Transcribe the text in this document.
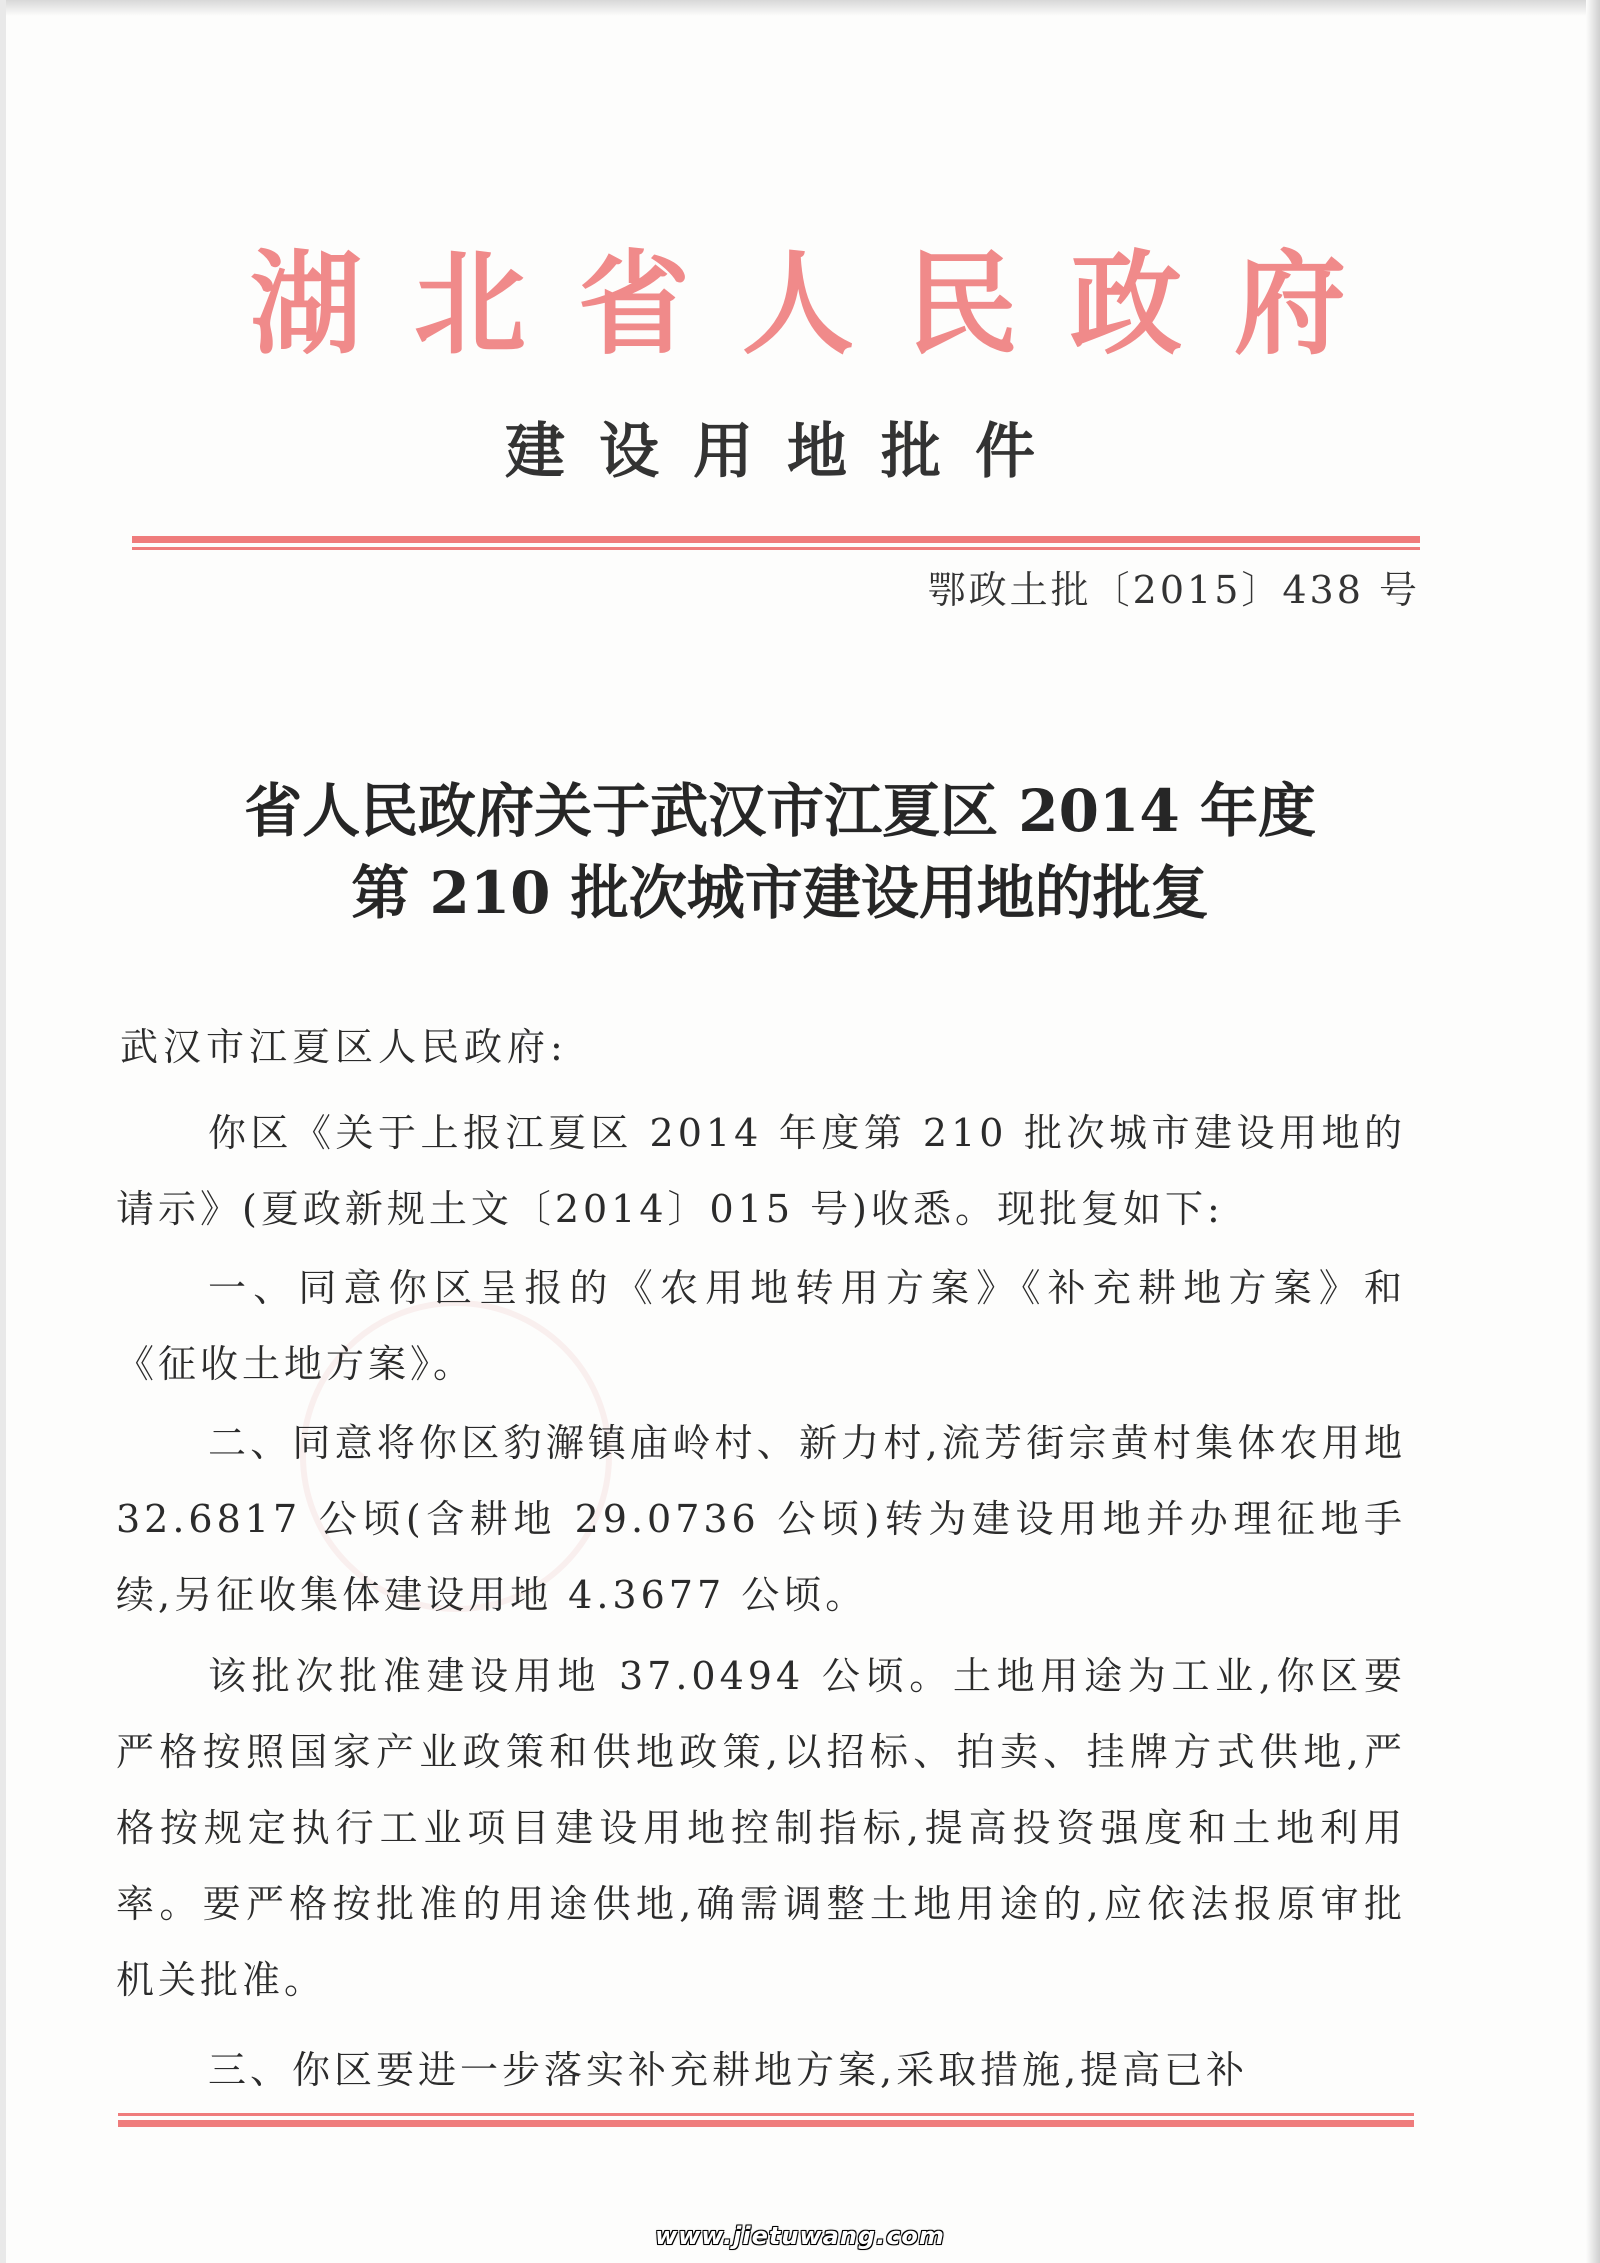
湖北省人民政府
建设用地批件
鄂政土批〔2015〕438 号
省人民政府关于武汉市江夏区 2014 年度
第 210 批次城市建设用地的批复
武汉市江夏区人民政府:
你区《关于上报江夏区 2014 年度第 210 批次城市建设用地的请示》(夏政新规土文〔2014〕015 号)收悉。现批复如下:
一、同意你区呈报的《农用地转用方案》《补充耕地方案》和《征收土地方案》。
二、同意将你区豹澥镇庙岭村、新力村,流芳街宗黄村集体农用地 32.6817 公顷(含耕地 29.0736 公顷)转为建设用地并办理征地手续,另征收集体建设用地 4.3677 公顷。
该批次批准建设用地 37.0494 公顷。土地用途为工业,你区要严格按照国家产业政策和供地政策,以招标、拍卖、挂牌方式供地,严格按规定执行工业项目建设用地控制指标,提高投资强度和土地利用率。要严格按批准的用途供地,确需调整土地用途的,应依法报原审批机关批准。
三、你区要进一步落实补充耕地方案,采取措施,提高已补
www.jietuwang.com
